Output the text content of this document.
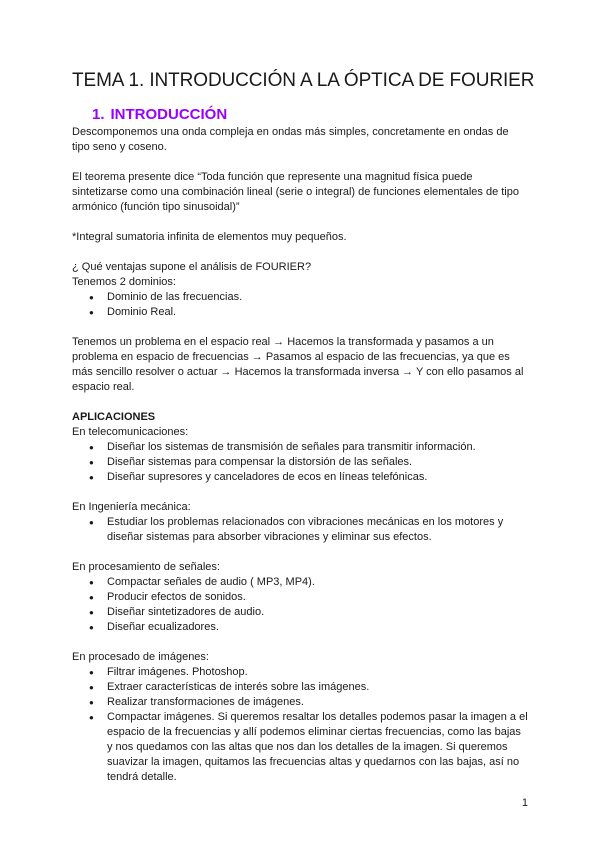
TEMA 1. INTRODUCCIÓN A LA ÓPTICA DE FOURIER
1. INTRODUCCIÓN

Descomponemos una onda compleja en ondas más simples, concretamente en ondas de tipo seno y coseno.

El teorema presente dice “Toda función que represente una magnitud física puede sintetizarse como una combinación lineal (serie o integral) de funciones elementales de tipo armónico (función tipo sinusoidal)”

*Integral sumatoria infinita de elementos muy pequeños.

¿ Qué ventajas supone el análisis de FOURIER?

Tenemos 2 dominios:

● Dominio de las frecuencias.
● Dominio Real.

Tenemos un problema en el espacio real → Hacemos la transformada y pasamos a un problema en espacio de frecuencias → Pasamos al espacio de las frecuencias, ya que es más sencillo resolver o actuar → Hacemos la transformada inversa → Y con ello pasamos al espacio real.

APLICACIONES

En telecomunicaciones:

● Diseñar los sistemas de transmisión de señales para transmitir información.
● Diseñar sistemas para compensar la distorsión de las señales.
● Diseñar supresores y canceladores de ecos en líneas telefónicas.

En Ingeniería mecánica:

● Estudiar los problemas relacionados con vibraciones mecánicas en los motores y diseñar sistemas para absorber vibraciones y eliminar sus efectos.

En procesamiento de señales:

● Compactar señales de audio ( MP3, MP4).
● Producir efectos de sonidos.
● Diseñar sintetizadores de audio.
● Diseñar ecualizadores.

En procesado de imágenes:

● Filtrar imágenes. Photoshop.
● Extraer características de interés sobre las imágenes.
● Realizar transformaciones de imágenes.
● Compactar imágenes. Si queremos resaltar los detalles podemos pasar la imagen a el espacio de la frecuencias y allí podemos eliminar ciertas frecuencias, como las bajas y nos quedamos con las altas que nos dan los detalles de la imagen. Si queremos suavizar la imagen, quitamos las frecuencias altas y quedarnos con las bajas, así no tendrá detalle.
1
